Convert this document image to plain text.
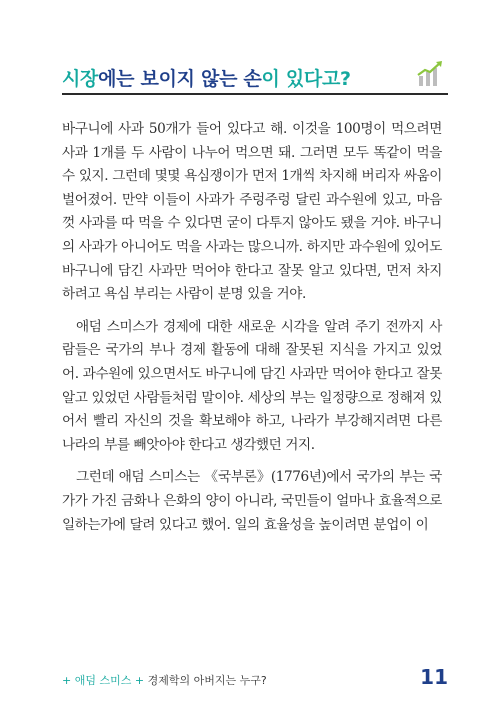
시장에는 보이지 않는 손이 있다고?

바구니에 사과 50개가 들어 있다고 해. 이것을 100명이 먹으려면 사과 1개를 두 사람이 나누어 먹으면 돼. 그러면 모두 똑같이 먹을 수 있지. 그런데 몇몇 욕심쟁이가 먼저 1개씩 차지해 버리자 싸움이 벌어졌어. 만약 이들이 사과가 주렁주렁 달린 과수원에 있고, 마음껏 사과를 따 먹을 수 있다면 굳이 다투지 않아도 됐을 거야. 바구니의 사과가 아니어도 먹을 사과는 많으니까. 하지만 과수원에 있어도 바구니에 담긴 사과만 먹어야 한다고 잘못 알고 있다면, 먼저 차지하려고 욕심 부리는 사람이 분명 있을 거야.

애덤 스미스가 경제에 대한 새로운 시각을 알려 주기 전까지 사람들은 국가의 부나 경제 활동에 대해 잘못된 지식을 가지고 있었어. 과수원에 있으면서도 바구니에 담긴 사과만 먹어야 한다고 잘못 알고 있었던 사람들처럼 말이야. 세상의 부는 일정량으로 정해져 있어서 빨리 자신의 것을 확보해야 하고, 나라가 부강해지려면 다른 나라의 부를 빼앗아야 한다고 생각했던 거지.

그런데 애덤 스미스는 《국부론》(1776년)에서 국가의 부는 국가가 가진 금화나 은화의 양이 아니라, 국민들이 얼마나 효율적으로 일하는가에 달려 있다고 했어. 일의 효율성을 높이려면 분업이 이

+ 애덤 스미스 + 경제학의 아버지는 누구?	11
